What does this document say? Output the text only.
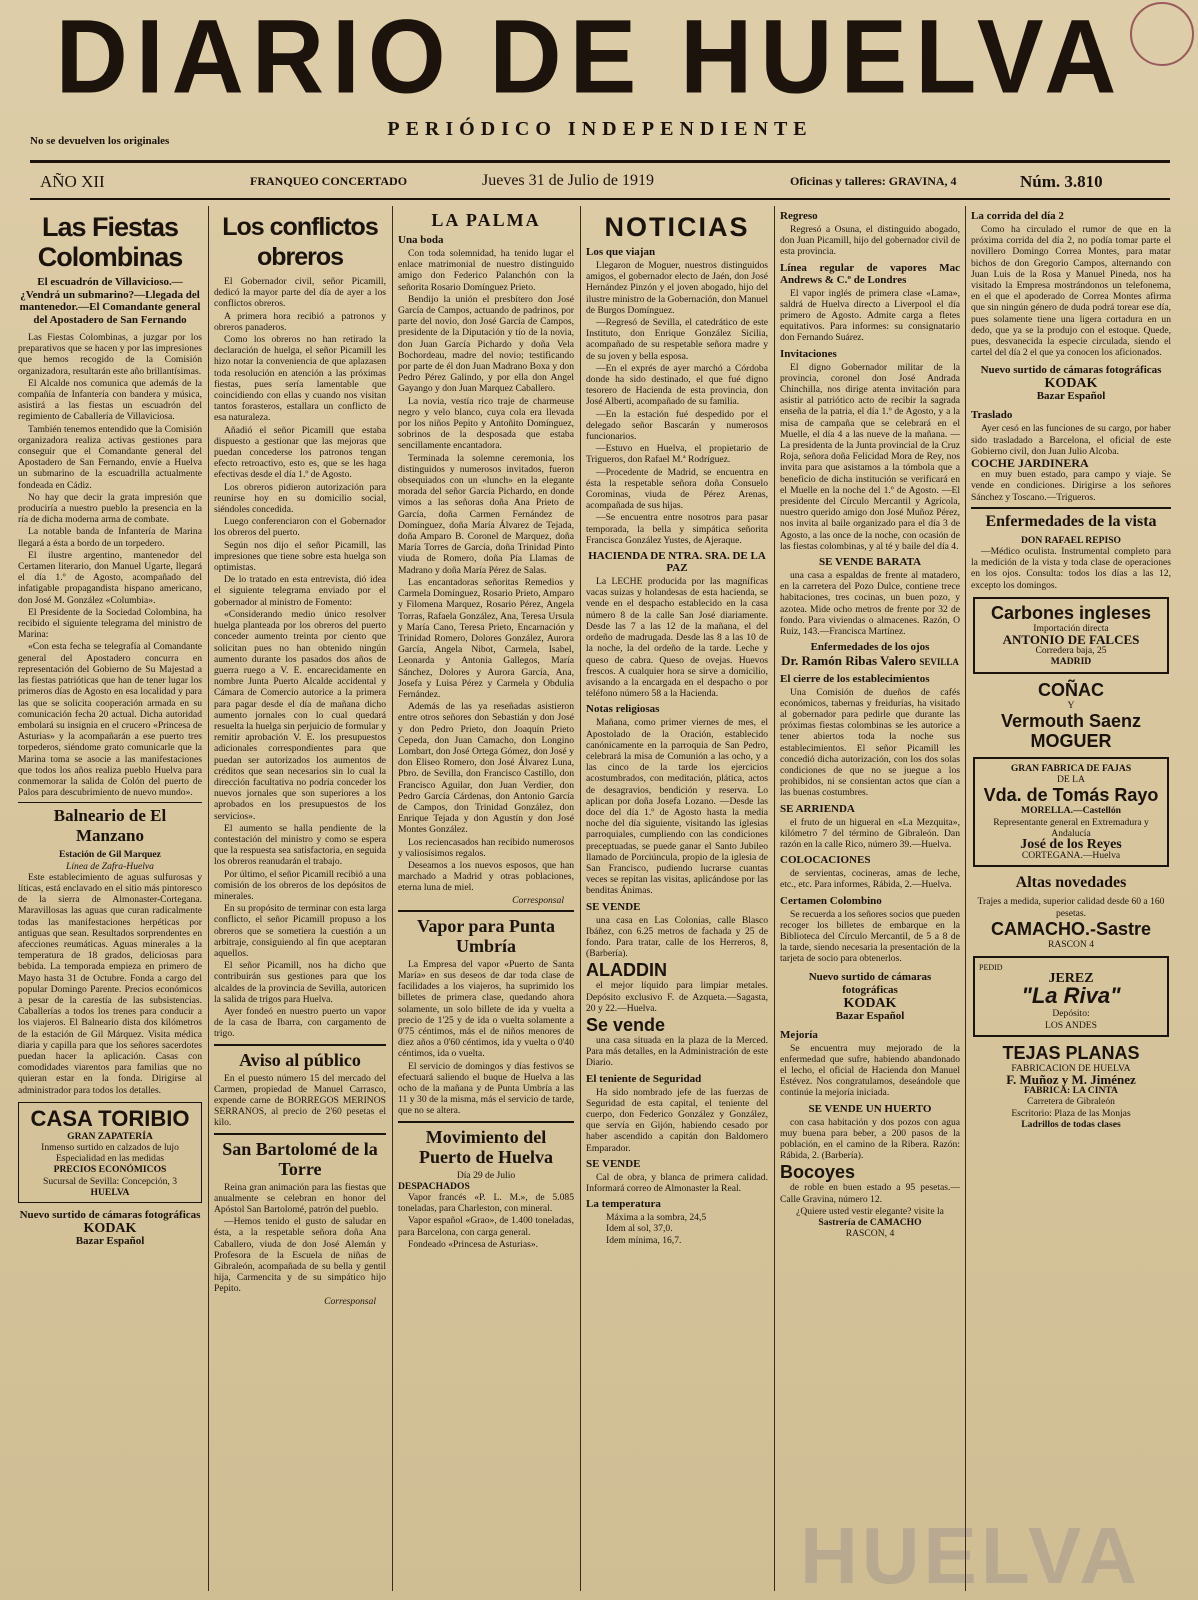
DIARIO DE HUELVA
No se devuelven los originales
PERIÓDICO INDEPENDIENTE
AÑO XII	FRANQUEO CONCERTADO	Jueves 31 de Julio de 1919	Oficinas y talleres: GRAVINA, 4	Núm. 3.810
Las Fiestas Colombinas
El escuadrón de Villavicioso.—¿Vendrá un submarino?—Llegada del mantenedor.—El Comandante general del Apostadero de San Fernando

Las Fiestas Colombinas, a juzgar por los preparativos que se hacen y por las impresiones que hemos recogido de la Comisión organizadora, resultarán este año brillantísimas.

El Alcalde nos comunica que además de la compañía de Infantería con bandera y música, asistirá a las fiestas un escuadrón del regimiento de Caballería de Villaviciosa.

También tenemos entendido que la Comisión organizadora realiza activas gestiones para conseguir que el Comandante general del Apostadero de San Fernando, envíe a Huelva un submarino de la escuadrilla actualmente fondeada en Cádiz.

No hay que decir la grata impresión que produciría a nuestro pueblo la presencia en la ría de dicha moderna arma de combate.

La notable banda de Infantería de Marina llegará a ésta a bordo de un torpedero.

El ilustre argentino, mantenedor del Certamen literario, don Manuel Ugarte, llegará el día 1.º de Agosto, acompañado del infatigable propagandista hispano americano, don José M. González «Columbia».

El Presidente de la Sociedad Colombina, ha recibido el siguiente telegrama del ministro de Marina:

«Con esta fecha se telegrafía al Comandante general del Apostadero concurra en representación del Gobierno de Su Majestad a las fiestas patrióticas que han de tener lugar los primeros días de Agosto en esa localidad y para las que se solicita cooperación armada en su comunicación fecha 20 actual. Dicha autoridad embolará su insignia en el crucero «Princesa de Asturias» y la acompañarán a ese puerto tres torpederos, siéndome grato comunicarle que la Marina toma se asocie a las manifestaciones que todos los años realiza pueblo Huelva para conmemorar la salida de Colón del puerto de Palos para descubrimiento de nuevo mundo».

Balneario de El Manzano
Estación de Gil Marquez
Línea de Zafra-Huelva

Este establecimiento de aguas sulfurosas y líticas, está enclavado en el sitio más pintoresco de la sierra de Almonaster-Cortegana. Maravillosas las aguas que curan radicalmente todas las manifestaciones herpéticas por antiguas que sean. Resultados sorprendentes en afecciones reumáticas. Aguas minerales a la temperatura de 18 grados, deliciosas para bebida. La temporada empieza en primero de Mayo hasta 31 de Octubre. Fonda a cargo del popular Domingo Parente. Precios económicos a pesar de la carestía de las subsistencias. Caballerías a todos los trenes para conducir a los viajeros. El Balneario dista dos kilómetros de la estación de Gil Márquez. Visita médica diaria y capilla para que los señores sacerdotes puedan hacer la aplicación. Casas con comodidades viarentos para familias que no quieran estar en la fonda. Dirigirse al administrador para todos los detalles.

CASA TORIBIO
GRAN ZAPATERÍA
Inmenso surtido en calzados de lujo
Especialidad en las medidas
PRECIOS ECONÓMICOS
Sucursal de Sevilla: Concepción, 3
HUELVA
Nuevo surtido de cámaras fotográficas
KODAK
Bazar Español
Los conflictos obreros

El Gobernador civil, señor Picamill, dedicó la mayor parte del día de ayer a los conflictos obreros.

A primera hora recibió a patronos y obreros panaderos.

Como los obreros no han retirado la declaración de huelga, el señor Picamill les hizo notar la conveniencia de que aplazasen toda resolución en atención a las próximas fiestas, pues sería lamentable que coincidiendo con ellas y cuando nos visitan tantos forasteros, estallara un conflicto de esa naturaleza.

Añadió el señor Picamill que estaba dispuesto a gestionar que las mejoras que puedan concederse los patronos tengan efecto retroactivo, esto es, que se les haga efectivas desde el día 1.º de Agosto.

Los obreros pidieron autorización para reunirse hoy en su domicilio social, siéndoles concedida.

Luego conferenciaron con el Gobernador los obreros del puerto.

Según nos dijo el señor Picamill, las impresiones que tiene sobre esta huelga son optimistas.

De lo tratado en esta entrevista, dió idea el siguiente telegrama enviado por el gobernador al ministro de Fomento:

«Considerando medio único resolver huelga planteada por los obreros del puerto conceder aumento treinta por ciento que solicitan pues no han obtenido ningún aumento durante los pasados dos años de guerra ruego a V. E. encarecidamente en nombre Junta Puerto Alcalde accidental y Cámara de Comercio autorice a la primera para pagar desde el día de mañana dicho aumento jornales con lo cual quedará resuelta la huelga sin perjuicio de formular y remitir aprobación V. E. los presupuestos adicionales correspondientes para que puedan ser autorizados los aumentos de créditos que sean necesarios sin lo cual la dirección facultativa no podría conceder los nuevos jornales que son superiores a los aprobados en los presupuestos de los servicios».

El aumento se halla pendiente de la contestación del ministro y como se espera que la respuesta sea satisfactoria, en seguida los obreros reanudarán el trabajo.

Por último, el señor Picamill recibió a una comisión de los obreros de los depósitos de minerales.

En su propósito de terminar con esta larga conflicto, el señor Picamill propuso a los obreros que se sometiera la cuestión a un arbitraje, consiguiendo al fin que aceptaran aquellos.

El señor Picamill, nos ha dicho que contribuirán sus gestiones para que los alcaldes de la provincia de Sevilla, autoricen la salida de trigos para Huelva.

Ayer fondeó en nuestro puerto un vapor de la casa de Ibarra, con cargamento de trigo.

Aviso al público

En el puesto número 15 del mercado del Carmen, propiedad de Manuel Carrasco, expende carne de BORREGOS MERINOS SERRANOS, al precio de 2'60 pesetas el kilo.

San Bartolomé de la Torre

Reina gran animación para las fiestas que anualmente se celebran en honor del Apóstol San Bartolomé, patrón del pueblo.

—Hemos tenido el gusto de saludar en ésta, a la respetable señora doña Ana Caballero, viuda de don José Alemán y Profesora de la Escuela de niñas de Gibraleón, acompañada de su bella y gentil hija, Carmencita y de su simpático hijo Pepito.

Corresponsal
LA PALMA
Una boda

Con toda solemnidad, ha tenido lugar el enlace matrimonial de nuestro distinguido amigo don Federico Palanchón con la señorita Rosario Domínguez Prieto.

Bendijo la unión el presbítero don José García de Campos, actuando de padrinos, por parte del novio, don José García de Campos, presidente de la Diputación y tío de la novia, don Juan García Pichardo y doña Vela Bochordeau, madre del novio; testificando por parte de él don Juan Madrano Boxa y don Pedro Pérez Galindo, y por ella don Angel Gayango y don Juan Marquez Caballero.

La novia, vestía rico traje de charmeuse negro y velo blanco, cuya cola era llevada por los niños Pepito y Antoñito Domínguez, sobrinos de la desposada que estaba sencillamente encantadora.

Terminada la solemne ceremonia, los distinguidos y numerosos invitados, fueron obsequiados con un «lunch» en la elegante morada del señor García Pichardo, en donde vimos a las señoras doña Ana Prieto de García, doña Carmen Fernández de Domínguez, doña María Álvarez de Tejada, doña Amparo B. Coronel de Marquez, doña María Torres de García, doña Trinidad Pinto viuda de Romero, doña Pía Llamas de Madrano y doña María Pérez de Salas.

Las encantadoras señoritas Remedios y Carmela Domínguez, Rosario Prieto, Amparo y Filomena Marquez, Rosario Pérez, Angela Torras, Rafaela González, Ana, Teresa Ursula y María Cano, Teresa Prieto, Encarnación y Trinidad Romero, Dolores González, Aurora García, Angela Nibot, Carmela, Isabel, Leonarda y Antonia Gallegos, María Sánchez, Dolores y Aurora García, Ana, Josefa y Luisa Pérez y Carmela y Obdulia Fernández.

Además de las ya reseñadas asistieron entre otros señores don Sebastián y don José y don Pedro Prieto, don Joaquín Prieto Cepeda, don Juan Camacho, don Longino Lombart, don José Ortega Gómez, don José y don Eliseo Romero, don José Álvarez Luna, Pbro. de Sevilla, don Francisco Castillo, don Francisco Aguilar, don Juan Verdier, don Pedro García Cárdenas, don Antonio García de Campos, don Trinidad González, don Enrique Tejada y don Agustín y don José Montes González.

Los reciencasados han recibido numerosos y valiosísimos regalos.

Deseamos a los nuevos esposos, que han marchado a Madrid y otras poblaciones, eterna luna de miel.

Corresponsal
Vapor para Punta Umbría

La Empresa del vapor «Puerto de Santa María» en sus deseos de dar toda clase de facilidades a los viajeros, ha suprimido los billetes de primera clase, quedando ahora solamente, un solo billete de ida y vuelta a precio de 1'25 y de ida o vuelta solamente a 0'75 céntimos, más el de niños menores de diez años a 0'60 céntimos, ida y vuelta o 0'40 céntimos, ida o vuelta.

El servicio de domingos y días festivos se efectuará saliendo el buque de Huelva a las ocho de la mañana y de Punta Umbría a las 11 y 30 de la misma, más el servicio de tarde, que no se altera.

Movimiento del Puerto de Huelva
Día 29 de Julio
DESPACHADOS

Vapor francés «P. L. M.», de 5.085 toneladas, para Charleston, con mineral.

Vapor español «Grao», de 1.400 toneladas, para Barcelona, con carga general.

Fondeado «Princesa de Asturias».

NOTICIAS
Los que viajan

Llegaron de Moguer, nuestros distinguidos amigos, el gobernador electo de Jaén, don José Hernández Pinzón y el joven abogado, hijo del ilustre ministro de la Gobernación, don Manuel de Burgos Domínguez.

—Regresó de Sevilla, el catedrático de este Instituto, don Enrique González Sicilia, acompañado de su respetable señora madre y de su joven y bella esposa.

—En el exprés de ayer marchó a Córdoba donde ha sido destinado, el que fué digno tesorero de Hacienda de esta provincia, don José Alberti, acompañado de su familia.

—En la estación fué despedido por el delegado señor Bascarán y numerosos funcionarios.

—Estuvo en Huelva, el propietario de Trigueros, don Rafael M.ª Rodríguez.

—Procedente de Madrid, se encuentra en ésta la respetable señora doña Consuelo Corominas, viuda de Pérez Arenas, acompañada de sus hijas.

—Se encuentra entre nosotros para pasar temporada, la bella y simpática señorita Francisca González Yustes, de Ajeraque.

HACIENDA DE NTRA. SRA. DE LA PAZ

La LECHE producida por las magníficas vacas suizas y holandesas de esta hacienda, se vende en el despacho establecido en la casa número 8 de la calle San José diariamente. Desde las 7 a las 12 de la mañana, el del ordeño de madrugada. Desde las 8 a las 10 de la noche, la del ordeño de la tarde. Leche y queso de cabra. Queso de ovejas. Huevos frescos. A cualquier hora se sirve a domicilio, avisando a la encargada en el despacho o por teléfono número 58 a la Hacienda.

Notas religiosas

Mañana, como primer viernes de mes, el Apostolado de la Oración, establecido canónicamente en la parroquia de San Pedro, celebrará la misa de Comunión a las ocho, y a las cinco de la tarde los ejercicios acostumbrados, con meditación, plática, actos de desagravios, bendición y reserva. Lo aplican por doña Josefa Lozano. —Desde las doce del día 1.º de Agosto hasta la media noche del día siguiente, visitando las iglesias parroquiales, cumpliendo con las condiciones preceptuadas, se puede ganar el Santo Jubileo llamado de Porciúncula, propio de la iglesia de San Francisco, pudiendo lucrarse cuantas veces se repitan las visitas, aplicándose por las benditas Ánimas.

SE VENDE

una casa en Las Colonias, calle Blasco Ibáñez, con 6.25 metros de fachada y 25 de fondo. Para tratar, calle de los Herreros, 8, (Barbería).

ALADDIN

el mejor líquido para limpiar metales. Depósito exclusivo F. de Azqueta.—Sagasta, 20 y 22.—Huelva.

Se vende

una casa situada en la plaza de la Merced. Para más detalles, en la Administración de este Diario.

El teniente de Seguridad

Ha sido nombrado jefe de las fuerzas de Seguridad de esta capital, el teniente del cuerpo, don Federico González y González, que servía en Gijón, habiendo cesado por haber ascendido a capitán don Baldomero Emparador.

SE VENDE

Cal de obra, y blanca de primera calidad. Informará correo de Almonaster la Real.

La temperatura
Máxima a la sombra, 24,5
Idem al sol, 37,0.
Idem mínima, 16,7.
Regreso

Regresó a Osuna, el distinguido abogado, don Juan Picamill, hijo del gobernador civil de esta provincia.

Línea regular de vapores Mac Andrews & C.º de Londres

El vapor inglés de primera clase «Lama», saldrá de Huelva directo a Liverpool el día primero de Agosto. Admite carga a fletes equitativos. Para informes: su consignatario don Fernando Suárez.

Invitaciones

El digno Gobernador militar de la provincia, coronel don José Andrada Chinchilla, nos dirige atenta invitación para asistir al patriótico acto de recibir la sagrada enseña de la patria, el día 1.º de Agosto, y a la misa de campaña que se celebrará en el Muelle, el día 4 a las nueve de la mañana. —La presidenta de la Junta provincial de la Cruz Roja, señora doña Felicidad Mora de Rey, nos invita para que asistamos a la tómbola que a beneficio de dicha institución se verificará en el Muelle en la noche del 1.º de Agosto. —El presidente del Círculo Mercantil y Agrícola, nuestro querido amigo don José Muñoz Pérez, nos invita al baile organizado para el día 3 de Agosto, a las once de la noche, con ocasión de las fiestas colombinas, y al té y baile del día 4.

SE VENDE BARATA

una casa a espaldas de frente al matadero, en la carretera del Pozo Dulce, contiene trece habitaciones, tres cocinas, un buen pozo, y azotea. Mide ocho metros de frente por 32 de fondo. Para viviendas o almacenes. Razón, O Ruiz, 143.—Francisca Martínez.

Enfermedades de los ojos
Dr. Ramón Ribas Valero SEVILLA
El cierre de los establecimientos

Una Comisión de dueños de cafés económicos, tabernas y freidurías, ha visitado al gobernador para pedirle que durante las próximas fiestas colombinas se les autorice a tener abiertos toda la noche sus establecimientos. El señor Picamill les concedió dicha autorización, con los dos solas condiciones de que no se juegue a los prohibidos, ni se consientan actos que cían a las buenas costumbres.

SE ARRIENDA

el fruto de un higueral en «La Mezquita», kilómetro 7 del término de Gibraleón. Dan razón en la calle Rico, número 39.—Huelva.

COLOCACIONES

de servientas, cocineras, amas de leche, etc., etc. Para informes, Rábida, 2.—Huelva.

Certamen Colombino

Se recuerda a los señores socios que pueden recoger los billetes de embarque en la Biblioteca del Círculo Mercantil, de 5 a 8 de la tarde, siendo necesaria la presentación de la tarjeta de socio para obtenerlos.

Nuevo surtido de cámaras fotográficas
KODAK
Bazar Español
Mejoría

Se encuentra muy mejorado de la enfermedad que sufre, habiendo abandonado el lecho, el oficial de Hacienda don Manuel Estévez. Nos congratulamos, deseándole que continúe la mejoría iniciada.

SE VENDE UN HUERTO

con casa habitación y dos pozos con agua muy buena para beber, a 200 pasos de la población, en el camino de la Ribera. Razón: Rábida, 2. (Barbería).

Bocoyes

de roble en buen estado a 95 pesetas.—Calle Gravina, número 12.

¿Quiere usted vestir elegante? visite la
Sastrería de CAMACHO
RASCON, 4
La corrida del día 2

Como ha circulado el rumor de que en la próxima corrida del día 2, no podía tomar parte el novillero Domingo Correa Montes, para matar bichos de don Gregorio Campos, alternando con Juan Luis de la Rosa y Manuel Pineda, nos ha visitado la Empresa mostrándonos un telefonema, en el que el apoderado de Correa Montes afirma que sin ningún género de duda podrá torear ese día, pues solamente tiene una ligera cortadura en un dedo, que ya se la produjo con el estoque. Quede, pues, desvanecida la especie circulada, siendo el cartel del día 2 el que ya conocen los aficionados.

Nuevo surtido de cámaras fotográficas
KODAK
Bazar Español
Traslado

Ayer cesó en las funciones de su cargo, por haber sido trasladado a Barcelona, el oficial de este Gobierno civil, don Juan Julio Alcoba.

COCHE JARDINERA

en muy buen estado, para campo y viaje. Se vende en condiciones. Dirigirse a los señores Sánchez y Toscano.—Trigueros.

Enfermedades de la vista
DON RAFAEL REPISO

—Médico oculista. Instrumental completo para la medición de la vista y toda clase de operaciones en los ojos. Consulta: todos los días a las 12, excepto los domingos.

Carbones ingleses
Importación directa
ANTONIO DE FALCES
Corredera baja, 25
MADRID
COÑAC
Y
Vermouth Saenz
MOGUER
GRAN FABRICA DE FAJAS
DE LA
Vda. de Tomás Rayo
MORELLA.—Castellón
Representante general en Extremadura y Andalucía
José de los Reyes
CORTEGANA.—Huelva
Altas novedades
Trajes a medida, superior calidad desde 60 a 160 pesetas.
CAMACHO.-Sastre
RASCON 4
PEDID
JEREZ
"La Riva"
Depósito:
LOS ANDES
TEJAS PLANAS
FABRICACION DE HUELVA
F. Muñoz y M. Jiménez
FABRICA: LA CINTA
Carretera de Gibraleón
Escritorio: Plaza de las Monjas
Ladrillos de todas clases
HUELVA
